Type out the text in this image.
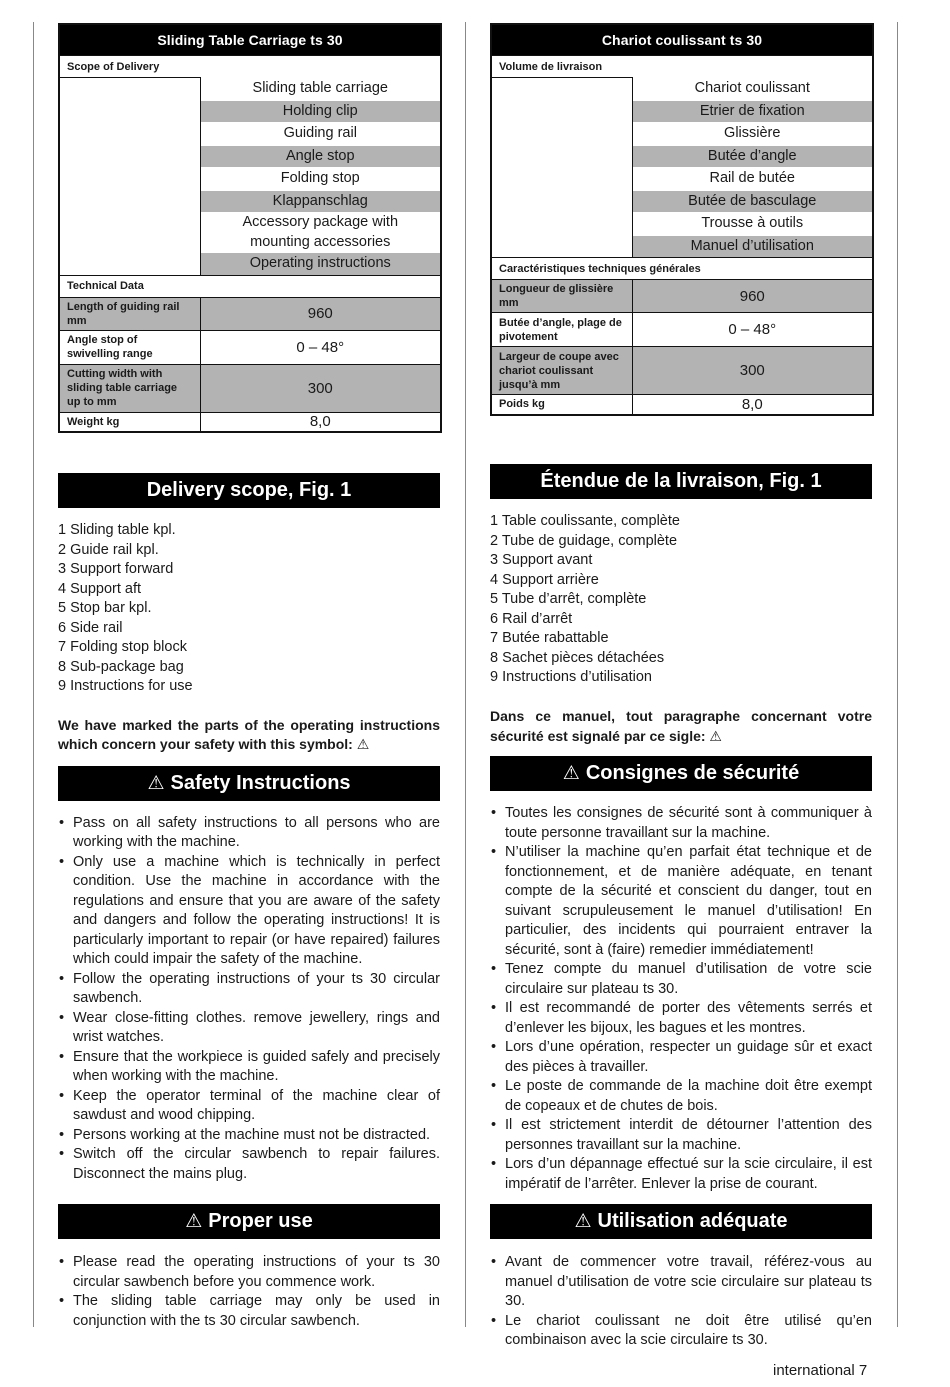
Sliding Table Carriage ts 30	
Scope of Delivery	
	Sliding table carriage
	Holding clip
	Guiding rail
	Angle stop
	Folding stop
	Klappanschlag
	Accessory package with mounting accessories
	Operating instructions
Technical Data	
Length of guiding rail mm	960
Angle stop of swivelling range	0 – 48°
Cutting width with sliding table carriage up to mm	300
Weight kg	8,0
Delivery scope, Fig. 1
1 Sliding table kpl.
2 Guide rail kpl.
3 Support forward
4 Support aft
5 Stop bar kpl.
6 Side rail
7 Folding stop block
8 Sub-package bag
9 Instructions for use

We have marked the parts of the operating instructions which concern your safety with this symbol: ⚠

⚠ Safety Instructions
• Pass on all safety instructions to all persons who are working with the machine.
• Only use a machine which is technically in perfect condition. Use the machine in accordance with the regulations and ensure that you are aware of the safety and dangers and follow the operating instructions! It is particularly important to repair (or have repaired) failures which could impair the safety of the machine.
• Follow the operating instructions of your ts 30 circular sawbench.
• Wear close-fitting clothes. remove jewellery, rings and wrist watches.
• Ensure that the workpiece is guided safely and precisely when working with the machine.
• Keep the operator terminal of the machine clear of sawdust and wood chipping.
• Persons working at the machine must not be distracted.
• Switch off the circular sawbench to repair failures. Disconnect the mains plug.
⚠ Proper use
• Please read the operating instructions of your ts 30 circular sawbench before you commence work.
• The sliding table carriage may only be used in conjunction with the ts 30 circular sawbench.
Chariot coulissant ts 30	
Volume de livraison	
	Chariot coulissant
	Etrier de fixation
	Glissière
	Butée d’angle
	Rail de butée
	Butée de basculage
	Trousse à outils
	Manuel d’utilisation
Caractéristiques techniques générales	
Longueur de glissière mm	960
Butée d’angle, plage de pivotement	0 – 48°
Largeur de coupe avec chariot coulissant jusqu’à mm	300
Poids kg	8,0
Étendue de la livraison, Fig. 1
1 Table coulissante, complète
2 Tube de guidage, complète
3 Support avant
4 Support arrière
5 Tube d’arrêt, complète
6 Rail d’arrêt
7 Butée rabattable
8 Sachet pièces détachées
9 Instructions d’utilisation

Dans ce manuel, tout paragraphe concernant votre sécurité est signalé par ce sigle: ⚠

⚠ Consignes de sécurité
• Toutes les consignes de sécurité sont à communiquer à toute personne travaillant sur la machine.
• N’utiliser la machine qu’en parfait état technique et de fonctionnement, et de manière adéquate, en tenant compte de la sécurité et conscient du danger, tout en suivant scrupuleusement le manuel d’utilisation! En particulier, des incidents qui pourraient entraver la sécurité, sont à (faire) remedier immédiatement!
• Tenez compte du manuel d’utilisation de votre scie circulaire sur plateau ts 30.
• Il est recommandé de porter des vêtements serrés et d’enlever les bijoux, les bagues et les montres.
• Lors d’une opération, respecter un guidage sûr et exact des pièces à travailler.
• Le poste de commande de la machine doit être exempt de copeaux et de chutes de bois.
• Il est strictement interdit de détourner l’attention des personnes travaillant sur la machine.
• Lors d’un dépannage effectué sur la scie circulaire, il est impératif de l’arrêter. Enlever la prise de courant.
⚠ Utilisation adéquate
• Avant de commencer votre travail, référez-vous au manuel d’utilisation de votre scie circulaire sur plateau ts 30.
• Le chariot coulissant ne doit être utilisé qu’en combinaison avec la scie circulaire ts 30.
international 7
